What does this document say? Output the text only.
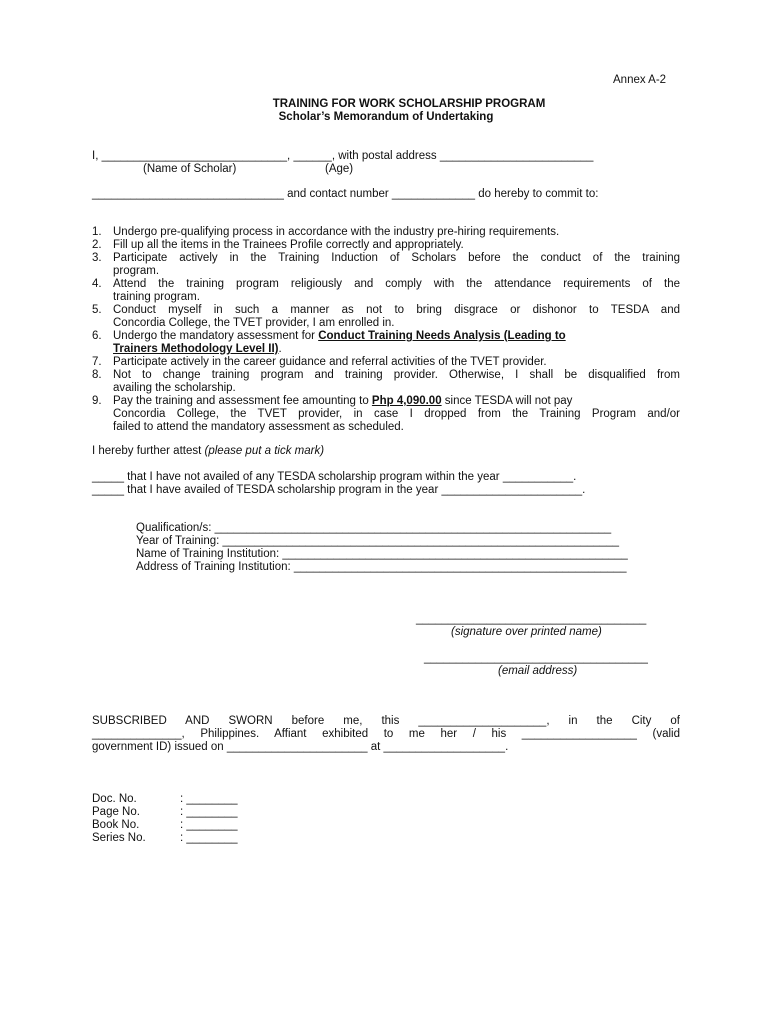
Annex A-2
TRAINING FOR WORK SCHOLARSHIP PROGRAM
Scholar’s Memorandum of Undertaking
I, _____________________________, ______, with postal address ________________________
(Name of Scholar)	(Age)
______________________________ and contact number _____________ do hereby to commit to:
1. Undergo pre-qualifying process in accordance with the industry pre-hiring requirements.
2. Fill up all the items in the Trainees Profile correctly and appropriately.
3. Participate actively in the Training Induction of Scholars before the conduct of the training
program.
4. Attend the training program religiously and comply with the attendance requirements of the
training program.
5. Conduct myself in such a manner as not to bring disgrace or dishonor to TESDA and
Concordia College, the TVET provider, I am enrolled in.
6. Undergo the mandatory assessment for Conduct Training Needs Analysis (Leading to
Trainers Methodology Level II).
7. Participate actively in the career guidance and referral activities of the TVET provider.
8. Not to change training program and training provider. Otherwise, I shall be disqualified from
availing the scholarship.
9. Pay the training and assessment fee amounting to Php 4,090.00 since TESDA will not pay
Concordia College, the TVET provider, in case I dropped from the Training Program and/or
failed to attend the mandatory assessment as scheduled.
I hereby further attest (please put a tick mark)
_____ that I have not availed of any TESDA scholarship program within the year ___________.
_____ that I have availed of TESDA scholarship program in the year ______________________.
Qualification/s: ______________________________________________________________
Year of Training: ______________________________________________________________
Name of Training Institution: ______________________________________________________
Address of Training Institution: ____________________________________________________
____________________________________
(signature over printed name)
___________________________________
(email address)
SUBSCRIBED AND SWORN before me, this ____________________, in the City of
______________, Philippines. Affiant exhibited to me her / his __________________ (valid
government ID) issued on ______________________ at ___________________.
Doc. No.	: ________
Page No.	: ________
Book No.	: ________
Series No.	: ________
